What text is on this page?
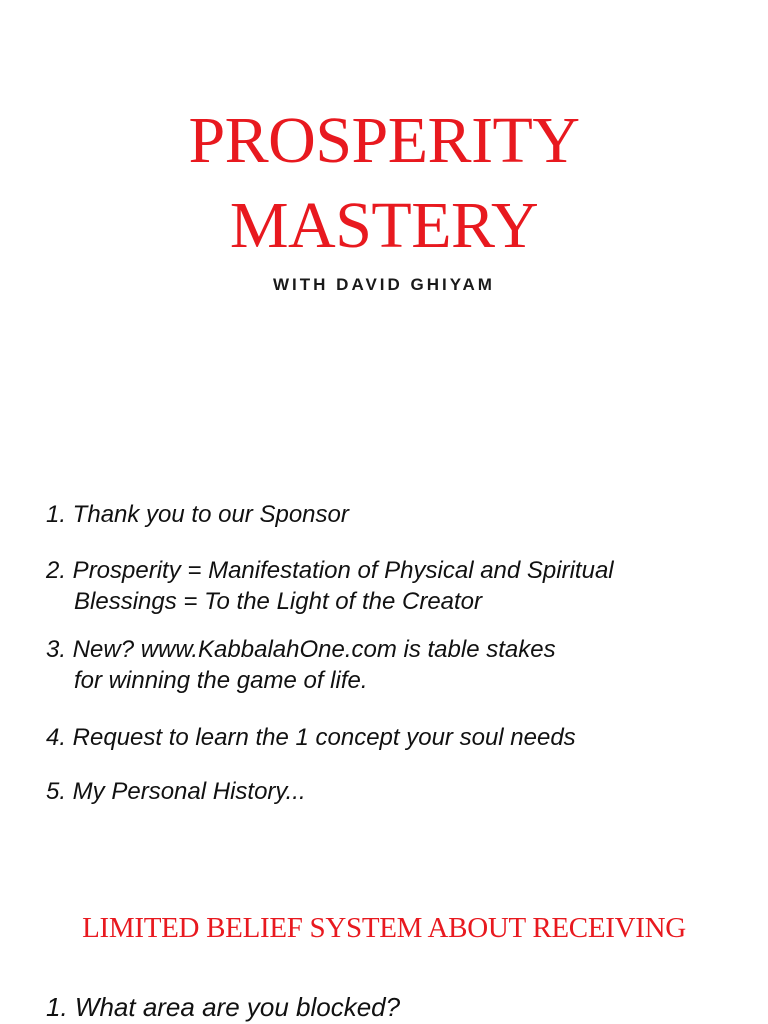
PROSPERITY
MASTERY
WITH DAVID GHIYAM
1. Thank you to our Sponsor
2. Prosperity = Manifestation of Physical and Spiritual
Blessings = To the Light of the Creator
3. New? www.KabbalahOne.com is table stakes
for winning the game of life.
4. Request to learn the 1 concept your soul needs
5. My Personal History...
LIMITED BELIEF SYSTEM ABOUT RECEIVING
1. What area are you blocked?
